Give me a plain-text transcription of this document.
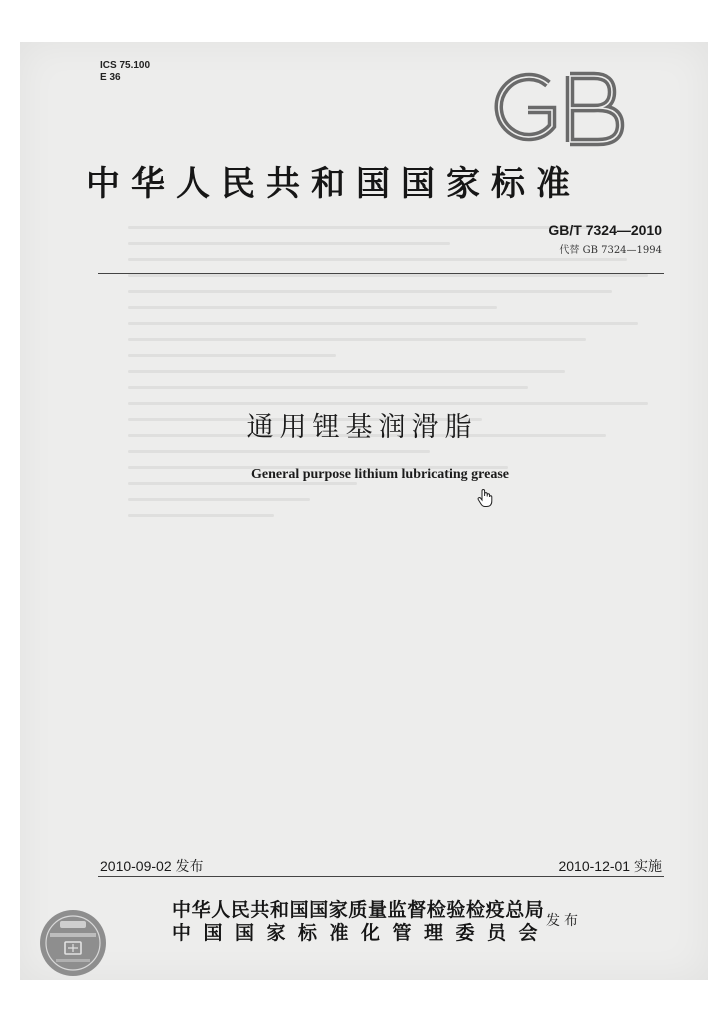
ICS 75.100
E 36
中华人民共和国国家标准
GB/T 7324—2010
代替 GB 7324—1994
通用锂基润滑脂
General purpose lithium lubricating grease
2010-09-02 发布	2010-12-01 实施
中华人民共和国国家质量监督检验检疫总局
中国国家标准化管理委员会
发布
